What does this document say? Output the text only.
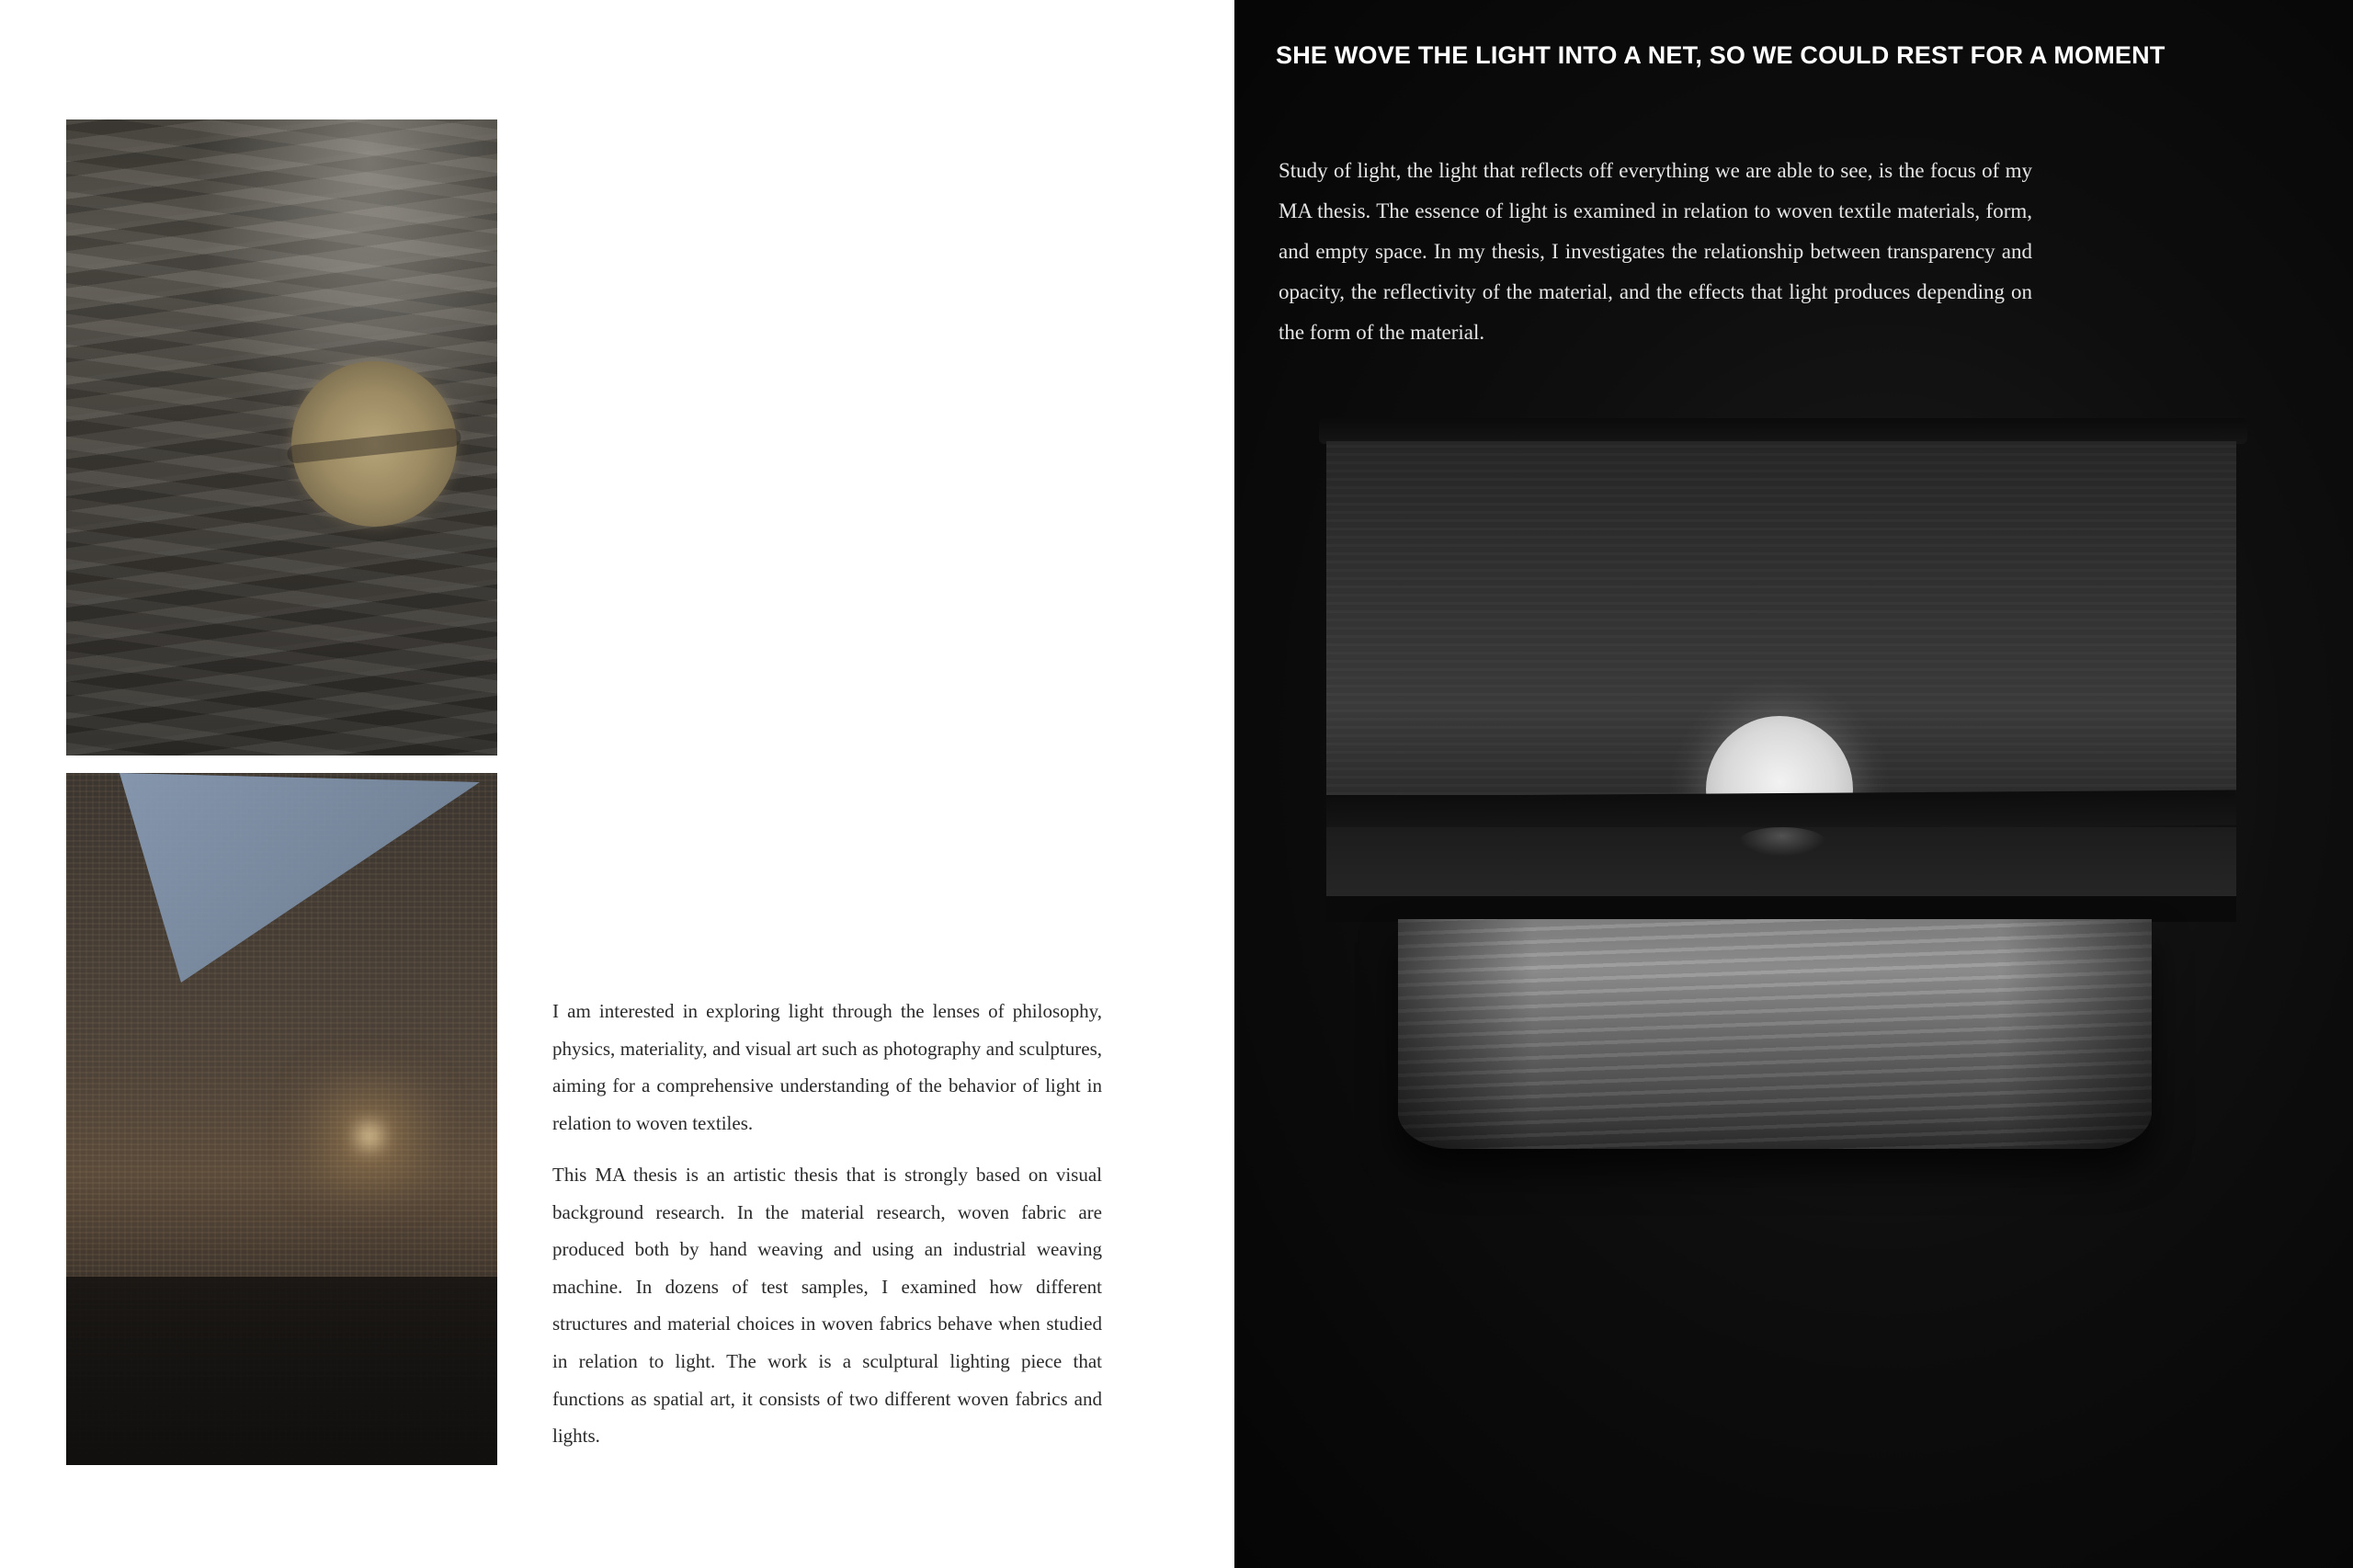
I am interested in exploring light through the lenses of philosophy, physics, materiality, and visual art such as photography and sculptures, aiming for a comprehensive understanding of the behavior of light in relation to woven textiles.

This MA thesis is an artistic thesis that is strongly based on visual background research. In the material research, woven fabric are produced both by hand weaving and using an industrial weaving machine. In dozens of test samples, I examined how different structures and material choices in woven fabrics behave when studied in relation to light. The work is a sculptural lighting piece that functions as spatial art, it consists of two different woven fabrics and lights.

SHE WOVE THE LIGHT INTO A NET, SO WE COULD REST FOR A MOMENT

Study of light, the light that reflects off everything we are able to see, is the focus of my MA thesis. The essence of light is examined in relation to woven textile materials, form, and empty space. In my thesis, I investigates the relationship between transparency and opacity, the reflectivity of the material, and the effects that light produces depending on the form of the material.
